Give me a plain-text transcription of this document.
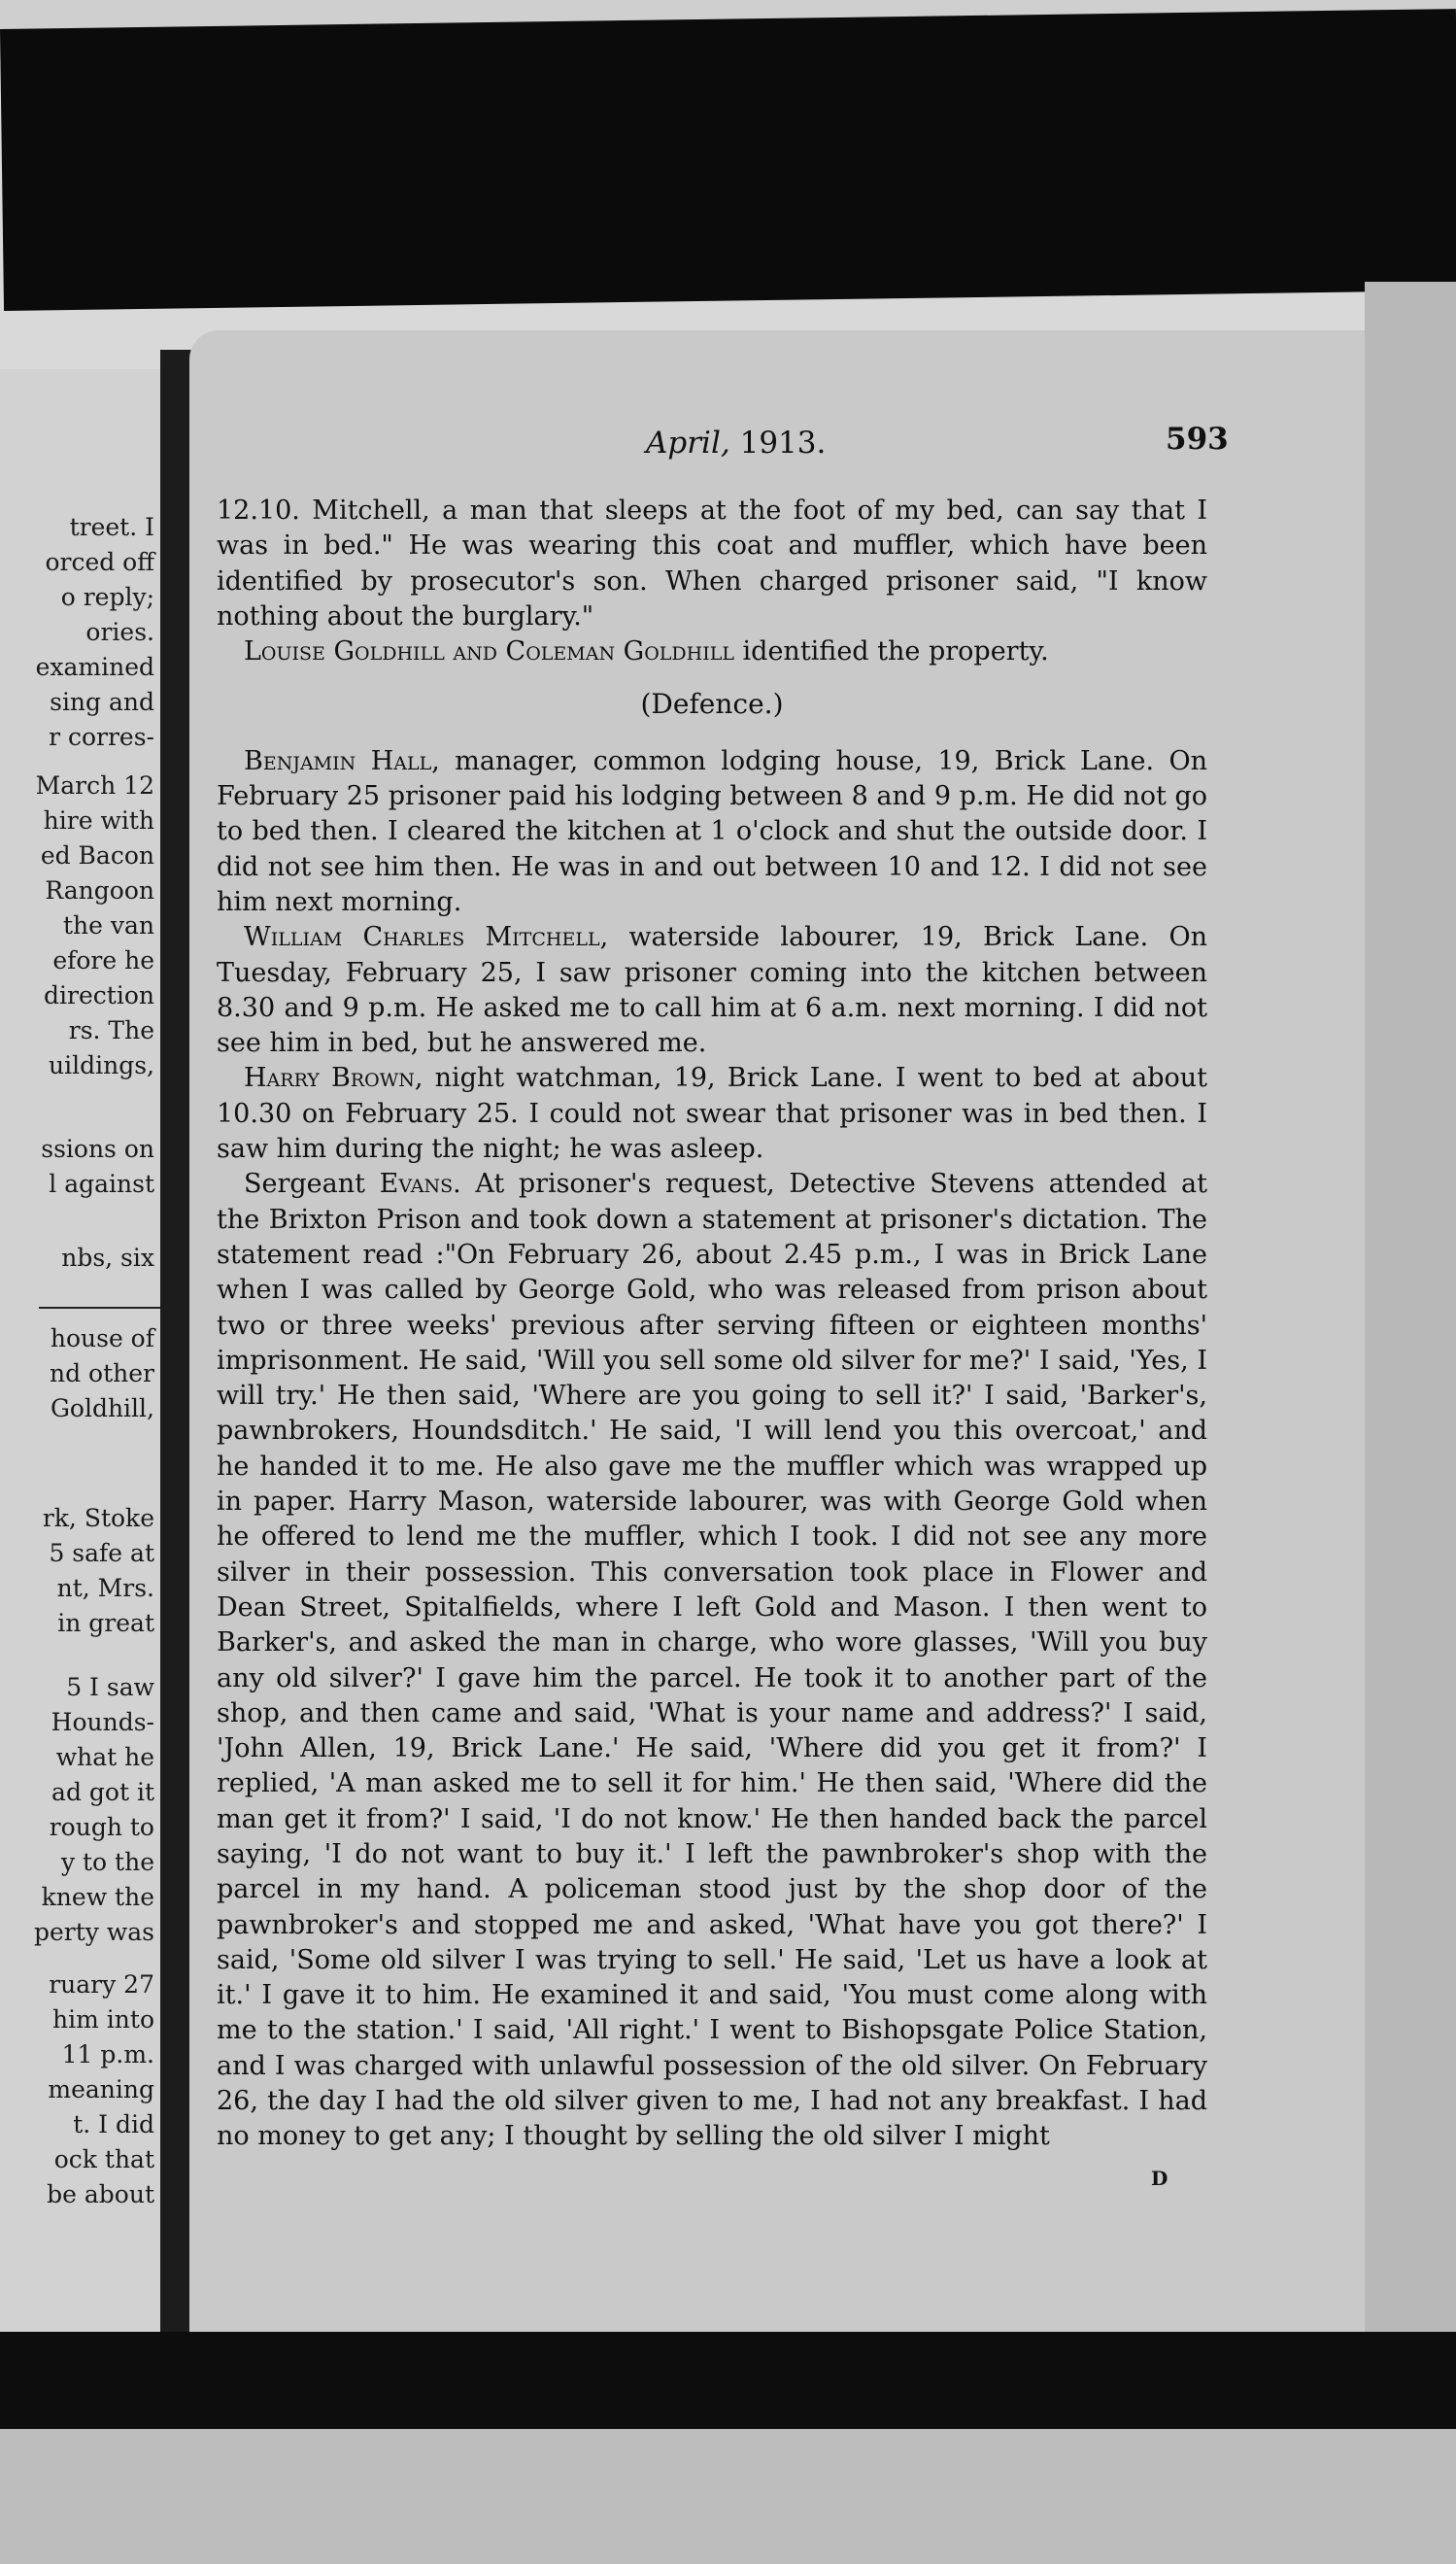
treet. I
orced off
o reply;
ories.
examined
sing and
r corres-
March 12
hire with
ed Bacon
Rangoon
the van
efore he
direction
rs. The
uildings,
ssions on
l against
nbs, six
house of
nd other
Goldhill,
rk, Stoke
5 safe at
nt, Mrs.
in great
5 I saw
Hounds-
what he
ad got it
rough to
y to the
knew the
perty was
ruary 27
him into
11 p.m.
meaning
t. I did
ock that
be about
April, 1913.	593

12.10. Mitchell, a man that sleeps at the foot of my bed, can say that I was in bed." He was wearing this coat and muffler, which have been identified by prosecutor's son. When charged prisoner said, "I know nothing about the burglary."

Louise Goldhill and Coleman Goldhill identified the property.

(Defence.)

Benjamin Hall, manager, common lodging house, 19, Brick Lane. On February 25 prisoner paid his lodging between 8 and 9 p.m. He did not go to bed then. I cleared the kitchen at 1 o'clock and shut the outside door. I did not see him then. He was in and out between 10 and 12. I did not see him next morning.

William Charles Mitchell, waterside labourer, 19, Brick Lane. On Tuesday, February 25, I saw prisoner coming into the kitchen between 8.30 and 9 p.m. He asked me to call him at 6 a.m. next morning. I did not see him in bed, but he answered me.

Harry Brown, night watchman, 19, Brick Lane. I went to bed at about 10.30 on February 25. I could not swear that prisoner was in bed then. I saw him during the night; he was asleep.

Sergeant Evans. At prisoner's request, Detective Stevens attended at the Brixton Prison and took down a statement at prisoner's dictation. The statement read :"On February 26, about 2.45 p.m., I was in Brick Lane when I was called by George Gold, who was released from prison about two or three weeks' previous after serving fifteen or eighteen months' imprisonment. He said, 'Will you sell some old silver for me?' I said, 'Yes, I will try.' He then said, 'Where are you going to sell it?' I said, 'Barker's, pawnbrokers, Houndsditch.' He said, 'I will lend you this overcoat,' and he handed it to me. He also gave me the muffler which was wrapped up in paper. Harry Mason, waterside labourer, was with George Gold when he offered to lend me the muffler, which I took. I did not see any more silver in their possession. This conversation took place in Flower and Dean Street, Spitalfields, where I left Gold and Mason. I then went to Barker's, and asked the man in charge, who wore glasses, 'Will you buy any old silver?' I gave him the parcel. He took it to another part of the shop, and then came and said, 'What is your name and address?' I said, 'John Allen, 19, Brick Lane.' He said, 'Where did you get it from?' I replied, 'A man asked me to sell it for him.' He then said, 'Where did the man get it from?' I said, 'I do not know.' He then handed back the parcel saying, 'I do not want to buy it.' I left the pawnbroker's shop with the parcel in my hand. A policeman stood just by the shop door of the pawnbroker's and stopped me and asked, 'What have you got there?' I said, 'Some old silver I was trying to sell.' He said, 'Let us have a look at it.' I gave it to him. He examined it and said, 'You must come along with me to the station.' I said, 'All right.' I went to Bishopsgate Police Station, and I was charged with unlawful possession of the old silver. On February 26, the day I had the old silver given to me, I had not any breakfast. I had no money to get any; I thought by selling the old silver I might

D
